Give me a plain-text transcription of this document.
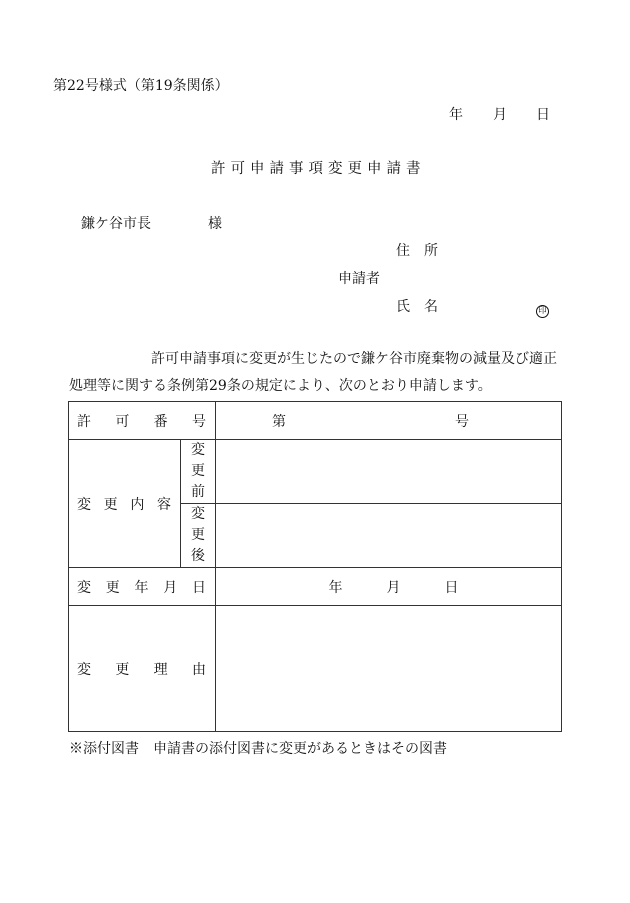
第22号様式（第19条関係）
年 月 日
許可申請事項変更申請書
鎌ケ谷市長	様
住　所
申請者
氏　名	印
許可申請事項に変更が生じたので鎌ケ谷市廃棄物の減量及び適正
処理等に関する条例第29条の規定により、次のとおり申請します。
許 可 番 号		第 号

変 更 内 容	変
更
前	

	変
更
後	

変 更 年 月 日		年 月 日

変 更 理 由		

※添付図書 申請書の添付図書に変更があるときはその図書
